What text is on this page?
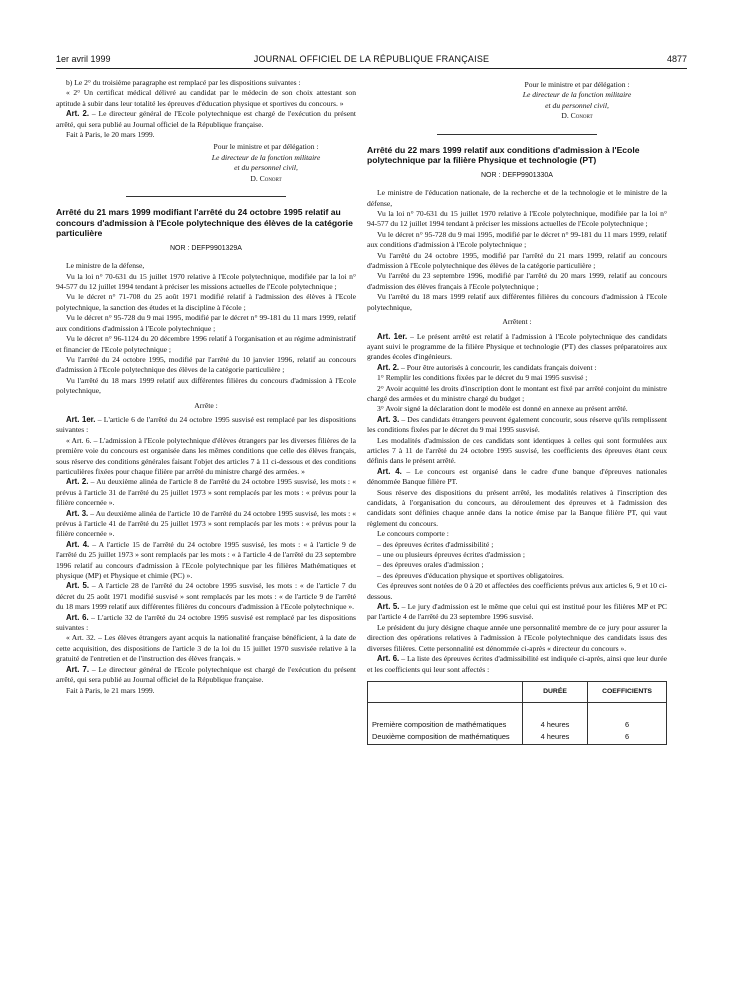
1er avril 1999	JOURNAL OFFICIEL DE LA RÉPUBLIQUE FRANÇAISE	4877

b) Le 2° du troisième paragraphe est remplacé par les dispositions suivantes :

« 2° Un certificat médical délivré au candidat par le médecin de son choix attestant son aptitude à subir dans leur totalité les épreuves d'éducation physique et sportives du concours. »

Art. 2. – Le directeur général de l'Ecole polytechnique est chargé de l'exécution du présent arrêté, qui sera publié au Journal officiel de la République française.

Fait à Paris, le 20 mars 1999.

Pour le ministre et par délégation :
Le directeur de la fonction militaire
et du personnel civil,
D. Conort
Arrêté du 21 mars 1999 modifiant l'arrêté du 24 octobre 1995 relatif au concours d'admission à l'Ecole polytechnique des élèves de la catégorie particulière
NOR : DEFP9901329A

Le ministre de la défense,

Vu la loi n° 70-631 du 15 juillet 1970 relative à l'Ecole polytechnique, modifiée par la loi n° 94-577 du 12 juillet 1994 tendant à préciser les missions actuelles de l'Ecole polytechnique ;

Vu le décret n° 71-708 du 25 août 1971 modifié relatif à l'admission des élèves à l'Ecole polytechnique, la sanction des études et la discipline à l'école ;

Vu le décret n° 95-728 du 9 mai 1995, modifié par le décret n° 99-181 du 11 mars 1999, relatif aux conditions d'admission à l'Ecole polytechnique ;

Vu le décret n° 96-1124 du 20 décembre 1996 relatif à l'organisation et au régime administratif et financier de l'Ecole polytechnique ;

Vu l'arrêté du 24 octobre 1995, modifié par l'arrêté du 10 janvier 1996, relatif au concours d'admission à l'Ecole polytechnique des élèves de la catégorie particulière ;

Vu l'arrêté du 18 mars 1999 relatif aux différentes filières du concours d'admission à l'Ecole polytechnique,

Arrête :

Art. 1er. – L'article 6 de l'arrêté du 24 octobre 1995 susvisé est remplacé par les dispositions suivantes :

« Art. 6. – L'admission à l'Ecole polytechnique d'élèves étrangers par les diverses filières de la première voie du concours est organisée dans les mêmes conditions que celle des élèves français, sous réserve des conditions générales faisant l'objet des articles 7 à 11 ci-dessous et des conditions particulières fixées pour chaque filière par arrêté du ministre chargé des armées. »

Art. 2. – Au deuxième alinéa de l'article 8 de l'arrêté du 24 octobre 1995 susvisé, les mots : « prévus à l'article 31 de l'arrêté du 25 juillet 1973 » sont remplacés par les mots : « prévus pour la filière concernée ».

Art. 3. – Au deuxième alinéa de l'article 10 de l'arrêté du 24 octobre 1995 susvisé, les mots : « prévus à l'article 41 de l'arrêté du 25 juillet 1973 » sont remplacés par les mots : « prévus pour la filière concernée ».

Art. 4. – A l'article 15 de l'arrêté du 24 octobre 1995 susvisé, les mots : « à l'article 9 de l'arrêté du 25 juillet 1973 » sont remplacés par les mots : « à l'article 4 de l'arrêté du 23 septembre 1996 relatif au concours d'admission à l'Ecole polytechnique par les filières Mathématiques et physique (MP) et Physique et chimie (PC) ».

Art. 5. – A l'article 28 de l'arrêté du 24 octobre 1995 susvisé, les mots : « de l'article 7 du décret du 25 août 1971 modifié susvisé » sont remplacés par les mots : « de l'article 9 de l'arrêté du 18 mars 1999 relatif aux différentes filières du concours d'admission à l'Ecole polytechnique ».

Art. 6. – L'article 32 de l'arrêté du 24 octobre 1995 susvisé est remplacé par les dispositions suivantes :

« Art. 32. – Les élèves étrangers ayant acquis la nationalité française bénéficient, à la date de cette acquisition, des dispositions de l'article 3 de la loi du 15 juillet 1970 susvisée relative à la gratuité de l'entretien et de l'instruction des élèves français. »

Art. 7. – Le directeur général de l'Ecole polytechnique est chargé de l'exécution du présent arrêté, qui sera publié au Journal officiel de la République française.

Fait à Paris, le 21 mars 1999.

Pour le ministre et par délégation :
Le directeur de la fonction militaire
et du personnel civil,
D. Conort
Arrêté du 22 mars 1999 relatif aux conditions d'admission à l'Ecole polytechnique par la filière Physique et technologie (PT)
NOR : DEFP9901330A

Le ministre de l'éducation nationale, de la recherche et de la technologie et le ministre de la défense,

Vu la loi n° 70-631 du 15 juillet 1970 relative à l'Ecole polytechnique, modifiée par la loi n° 94-577 du 12 juillet 1994 tendant à préciser les missions actuelles de l'Ecole polytechnique ;

Vu le décret n° 95-728 du 9 mai 1995, modifié par le décret n° 99-181 du 11 mars 1999, relatif aux conditions d'admission à l'Ecole polytechnique ;

Vu l'arrêté du 24 octobre 1995, modifié par l'arrêté du 21 mars 1999, relatif au concours d'admission à l'Ecole polytechnique des élèves de la catégorie particulière ;

Vu l'arrêté du 23 septembre 1996, modifié par l'arrêté du 20 mars 1999, relatif au concours d'admission des élèves français à l'Ecole polytechnique ;

Vu l'arrêté du 18 mars 1999 relatif aux différentes filières du concours d'admission à l'Ecole polytechnique,

Arrêtent :

Art. 1er. – Le présent arrêté est relatif à l'admission à l'Ecole polytechnique des candidats ayant suivi le programme de la filière Physique et technologie (PT) des classes préparatoires aux grandes écoles d'ingénieurs.

Art. 2. – Pour être autorisés à concourir, les candidats français doivent :

1° Remplir les conditions fixées par le décret du 9 mai 1995 susvisé ;

2° Avoir acquitté les droits d'inscription dont le montant est fixé par arrêté conjoint du ministre chargé des armées et du ministre chargé du budget ;

3° Avoir signé la déclaration dont le modèle est donné en annexe au présent arrêté.

Art. 3. – Des candidats étrangers peuvent également concourir, sous réserve qu'ils remplissent les conditions fixées par le décret du 9 mai 1995 susvisé.

Les modalités d'admission de ces candidats sont identiques à celles qui sont formulées aux articles 7 à 11 de l'arrêté du 24 octobre 1995 susvisé, les coefficients des épreuves étant ceux définis dans le présent arrêté.

Art. 4. – Le concours est organisé dans le cadre d'une banque d'épreuves nationales dénommée Banque filière PT.

Sous réserve des dispositions du présent arrêté, les modalités relatives à l'inscription des candidats, à l'organisation du concours, au déroulement des épreuves et à l'admission des candidats sont définies chaque année dans la notice émise par la Banque filière PT, qui vaut règlement du concours.

Le concours comporte :

– des épreuves écrites d'admissibilité ;

– une ou plusieurs épreuves écrites d'admission ;

– des épreuves orales d'admission ;

– des épreuves d'éducation physique et sportives obligatoires.

Ces épreuves sont notées de 0 à 20 et affectées des coefficients prévus aux articles 6, 9 et 10 ci-dessous.

Art. 5. – Le jury d'admission est le même que celui qui est institué pour les filières MP et PC par l'article 4 de l'arrêté du 23 septembre 1996 susvisé.

Le président du jury désigne chaque année une personnalité membre de ce jury pour assurer la direction des opérations relatives à l'admission à l'Ecole polytechnique des candidats issus des diverses filières. Cette personnalité est dénommée ci-après « directeur du concours ».

Art. 6. – La liste des épreuves écrites d'admissibilité est indiquée ci-après, ainsi que leur durée et les coefficients qui leur sont affectés :

	DURÉE	COEFFICIENTS

Première composition de mathématiques	4 heures	6
Deuxième composition de mathématiques	4 heures	6
